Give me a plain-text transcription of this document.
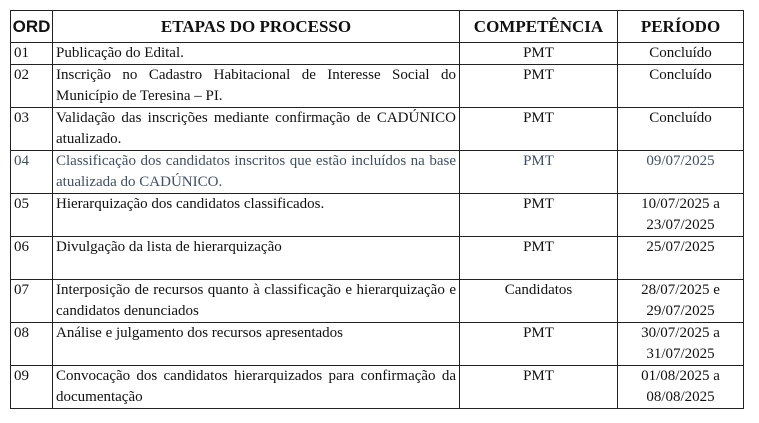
ORD	ETAPAS DO PROCESSO	COMPETÊNCIA	PERÍODO
01	Publicação do Edital.	PMT	Concluído
02	Inscrição no Cadastro Habitacional de Interesse Social do Município de Teresina – PI.	PMT	Concluído
03	Validação das inscrições mediante confirmação de CADÚNICO atualizado.	PMT	Concluído
04	Classificação dos candidatos inscritos que estão incluídos na base atualizada do CADÚNICO.	PMT	09/07/2025
05	Hierarquização dos candidatos classificados.	PMT	10/07/2025 a
23/07/2025
06	Divulgação da lista de hierarquização	PMT	25/07/2025
07	Interposição de recursos quanto à classificação e hierarquização e candidatos denunciados	Candidatos	28/07/2025 e
29/07/2025
08	Análise e julgamento dos recursos apresentados	PMT	30/07/2025 a
31/07/2025
09	Convocação dos candidatos hierarquizados para confirmação da documentação	PMT	01/08/2025 a
08/08/2025
